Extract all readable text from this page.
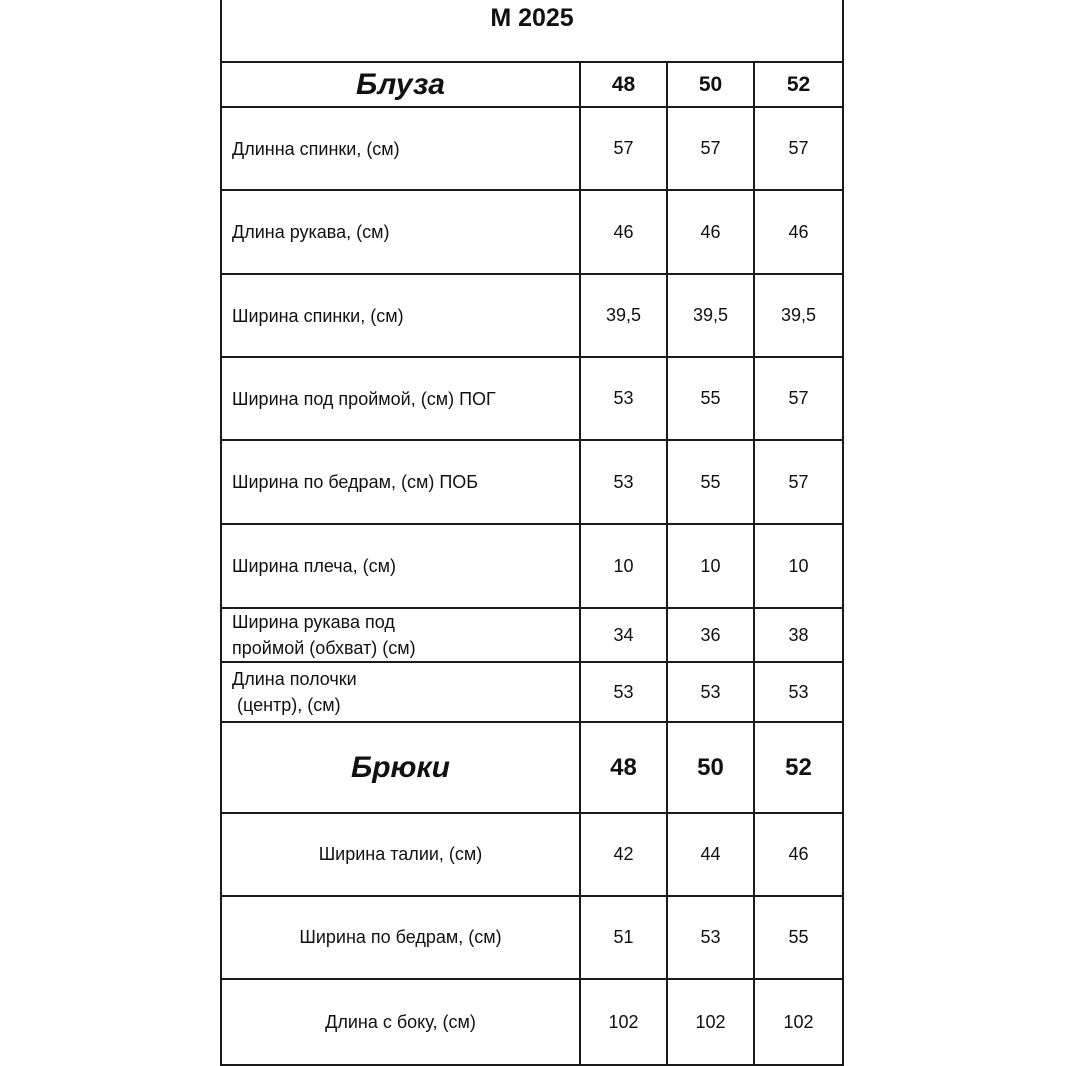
M 2025			
Блуза	48	50	52
Длинна спинки, (см)	57	57	57
Длина рукава, (см)	46	46	46
Ширина спинки, (см)	39,5	39,5	39,5
Ширина под проймой, (см) ПОГ	53	55	57
Ширина по бедрам, (см) ПОБ	53	55	57
Ширина плеча, (см)	10	10	10

Ширина рукава под
проймой (обхват) (см)	34	36	38

Длина полочки
(центр), (см)	53	53	53
Брюки	48	50	52
Ширина талии, (см)	42	44	46
Ширина по бедрам, (см)	51	53	55
Длина с боку, (см)	102	102	102
